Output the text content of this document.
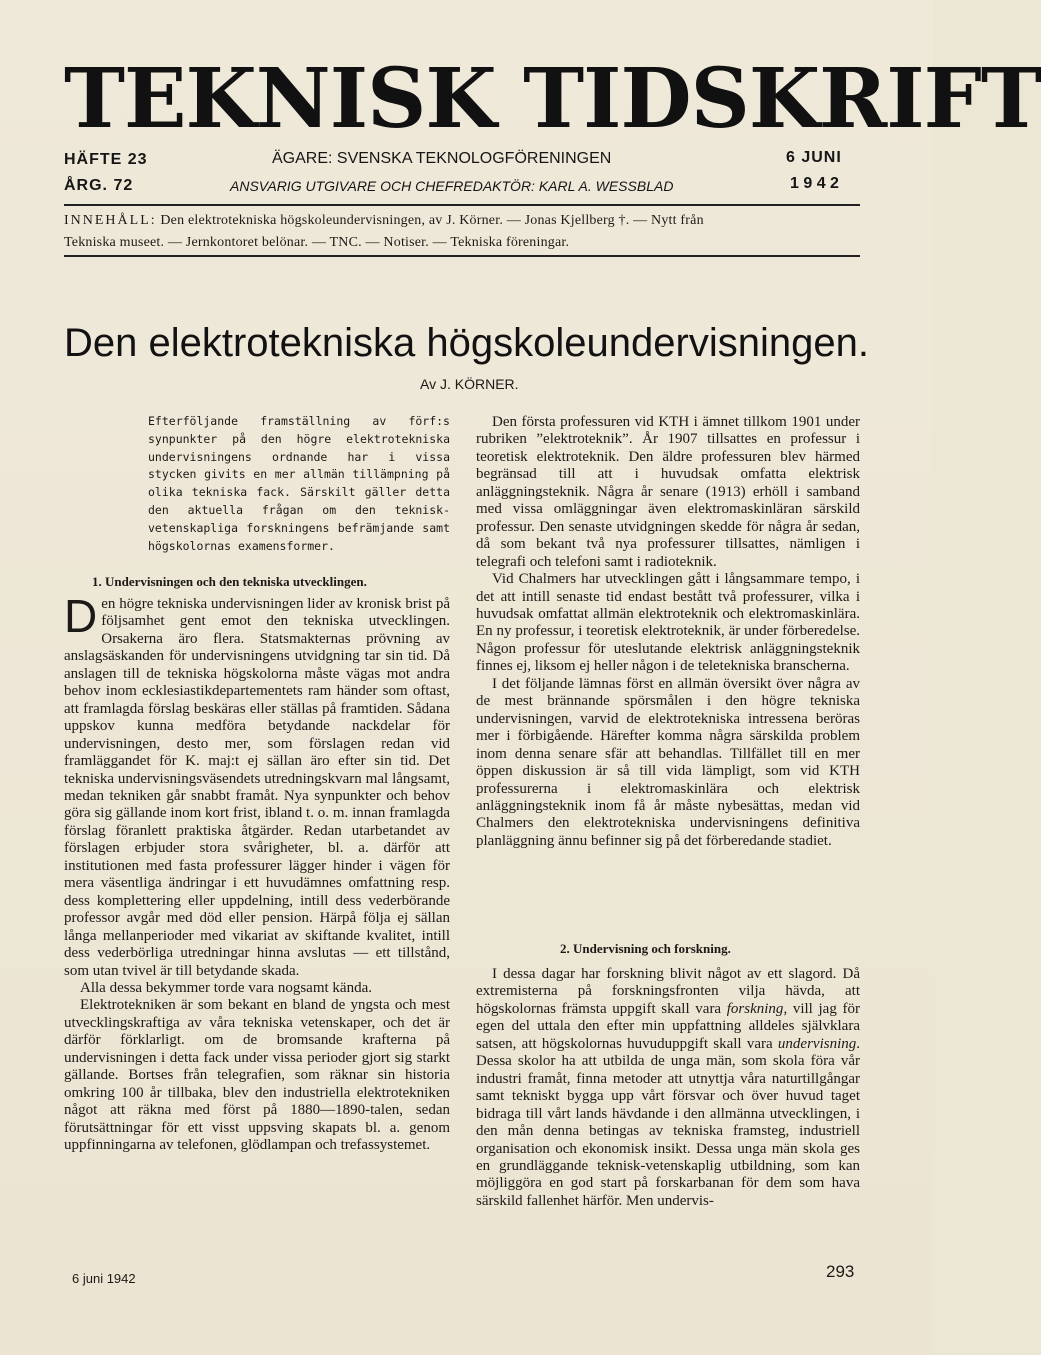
TEKNISK TIDSKRIFT
HÄFTE 23
ÅRG. 72
ÄGARE: SVENSKA TEKNOLOGFÖRENINGEN
ANSVARIG UTGIVARE OCH CHEFREDAKTÖR: KARL A. WESSBLAD
6 JUNI
1 9 4 2
INNEHÅLL: Den elektrotekniska högskoleundervisningen, av J. Körner. — Jonas Kjellberg †. — Nytt från
Tekniska museet. — Jernkontoret belönar. — TNC. — Notiser. — Tekniska föreningar.
Den elektrotekniska högskoleundervisningen.
Av J. KÖRNER.
Efterföljande framställning av förf:s synpunkter på den högre elektrotekniska undervisningens ordnande har i vissa stycken givits en mer allmän tillämpning på olika tekniska fack. Särskilt gäller detta den aktuella frågan om den teknisk-vetenskapliga forskningens befrämjande samt högskolornas examensformer.
1. Undervisningen och den tekniska utvecklingen.

Den högre tekniska undervisningen lider av kronisk brist på följsamhet gent emot den tekniska utvecklingen. Orsakerna äro flera. Statsmakternas prövning av anslagsäskanden för undervisningens utvidgning tar sin tid. Då anslagen till de tekniska högskolorna måste vägas mot andra behov inom ecklesiastikdepartementets ram händer som oftast, att framlagda förslag beskäras eller ställas på framtiden. Sådana uppskov kunna medföra betydande nackdelar för undervisningen, desto mer, som förslagen redan vid framläggandet för K. maj:t ej sällan äro efter sin tid. Det tekniska undervisningsväsendets utredningskvarn mal långsamt, medan tekniken går snabbt framåt. Nya synpunkter och behov göra sig gällande inom kort frist, ibland t. o. m. innan framlagda förslag föranlett praktiska åtgärder. Redan utarbetandet av förslagen erbjuder stora svårigheter, bl. a. därför att institutionen med fasta professurer lägger hinder i vägen för mera väsentliga ändringar i ett huvudämnes omfattning resp. dess komplettering eller uppdelning, intill dess vederbörande professor avgår med död eller pension. Härpå följa ej sällan långa mellanperioder med vikariat av skiftande kvalitet, intill dess vederbörliga utredningar hinna avslutas — ett tillstånd, som utan tvivel är till betydande skada.

Alla dessa bekymmer torde vara nogsamt kända.

Elektrotekniken är som bekant en bland de yngsta och mest utvecklingskraftiga av våra tekniska vetenskaper, och det är därför förklarligt. om de bromsande krafterna på undervisningen i detta fack under vissa perioder gjort sig starkt gällande. Bortses från telegrafien, som räknar sin historia omkring 100 år tillbaka, blev den industriella elektrotekniken något att räkna med först på 1880—1890-talen, sedan förutsättningar för ett visst uppsving skapats bl. a. genom uppfinningarna av telefonen, glödlampan och trefassystemet.

Den första professuren vid KTH i ämnet tillkom 1901 under rubriken ”elektroteknik”. År 1907 tillsattes en professur i teoretisk elektroteknik. Den äldre professuren blev härmed begränsad till att i huvudsak omfatta elektrisk anläggningsteknik. Några år senare (1913) erhöll i samband med vissa omläggningar även elektromaskinläran särskild professur. Den senaste utvidgningen skedde för några år sedan, då som bekant två nya professurer tillsattes, nämligen i telegrafi och telefoni samt i radioteknik.

Vid Chalmers har utvecklingen gått i långsammare tempo, i det att intill senaste tid endast bestått två professurer, vilka i huvudsak omfattat allmän elektroteknik och elektromaskinlära. En ny professur, i teoretisk elektroteknik, är under förberedelse. Någon professur för uteslutande elektrisk anläggningsteknik finnes ej, liksom ej heller någon i de teletekniska branscherna.

I det följande lämnas först en allmän översikt över några av de mest brännande spörsmålen i den högre tekniska undervisningen, varvid de elektrotekniska intressena beröras mer i förbigående. Härefter komma några särskilda problem inom denna senare sfär att behandlas. Tillfället till en mer öppen diskussion är så till vida lämpligt, som vid KTH professurerna i elektromaskinlära och elektrisk anläggningsteknik inom få år måste nybesättas, medan vid Chalmers den elektrotekniska undervisningens definitiva planläggning ännu befinner sig på det förberedande stadiet.

2. Undervisning och forskning.

I dessa dagar har forskning blivit något av ett slagord. Då extremisterna på forskningsfronten vilja hävda, att högskolornas främsta uppgift skall vara forskning, vill jag för egen del uttala den efter min uppfattning alldeles självklara satsen, att högskolornas huvuduppgift skall vara undervisning. Dessa skolor ha att utbilda de unga män, som skola föra vår industri framåt, finna metoder att utnyttja våra naturtillgångar samt tekniskt bygga upp vårt försvar och över huvud taget bidraga till vårt lands hävdande i den allmänna utvecklingen, i den mån denna betingas av tekniska framsteg, industriell organisation och ekonomisk insikt. Dessa unga män skola ges en grundläggande teknisk-vetenskaplig utbildning, som kan möjliggöra en god start på forskarbanan för dem som hava särskild fallenhet härför. Men undervis-

6 juni 1942	293
